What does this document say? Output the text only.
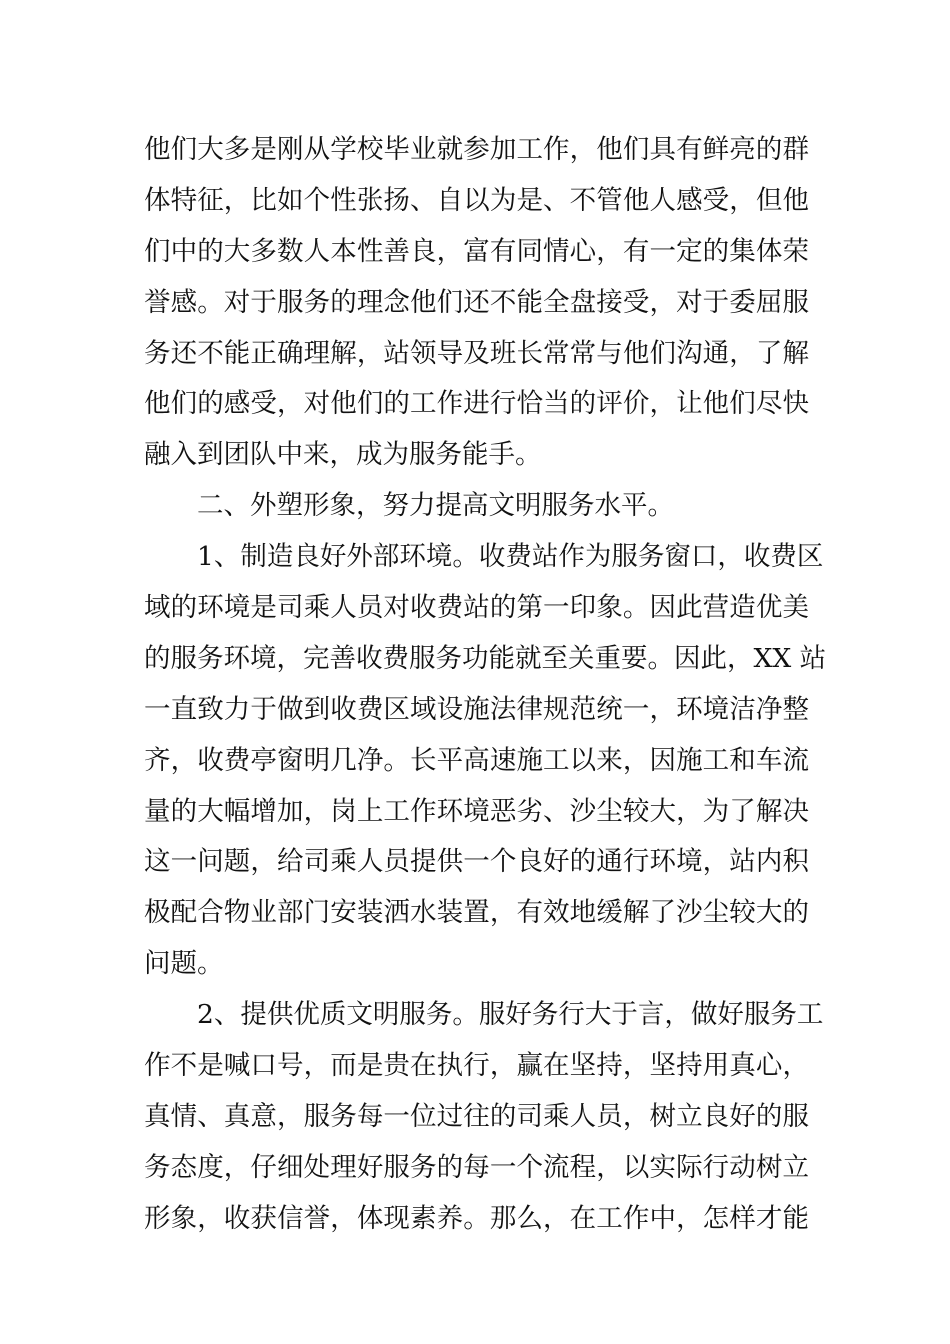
他们大多是刚从学校毕业就参加工作，他们具有鲜亮的群
体特征，比如个性张扬、自以为是、不管他人感受，但他
们中的大多数人本性善良，富有同情心，有一定的集体荣
誉感。对于服务的理念他们还不能全盘接受，对于委屈服
务还不能正确理解，站领导及班长常常与他们沟通，了解
他们的感受，对他们的工作进行恰当的评价，让他们尽快
融入到团队中来，成为服务能手。
二、外塑形象，努力提高文明服务水平。
1、制造良好外部环境。收费站作为服务窗口，收费区
域的环境是司乘人员对收费站的第一印象。因此营造优美
的服务环境，完善收费服务功能就至关重要。因此，XX 站
一直致力于做到收费区域设施法律规范统一，环境洁净整
齐，收费亭窗明几净。长平高速施工以来，因施工和车流
量的大幅增加，岗上工作环境恶劣、沙尘较大，为了解决
这一问题，给司乘人员提供一个良好的通行环境，站内积
极配合物业部门安装洒水装置，有效地缓解了沙尘较大的
问题。
2、提供优质文明服务。服好务行大于言，做好服务工
作不是喊口号，而是贵在执行，赢在坚持，坚持用真心，
真情、真意，服务每一位过往的司乘人员，树立良好的服
务态度，仔细处理好服务的每一个流程，以实际行动树立
形象，收获信誉，体现素养。那么，在工作中，怎样才能
